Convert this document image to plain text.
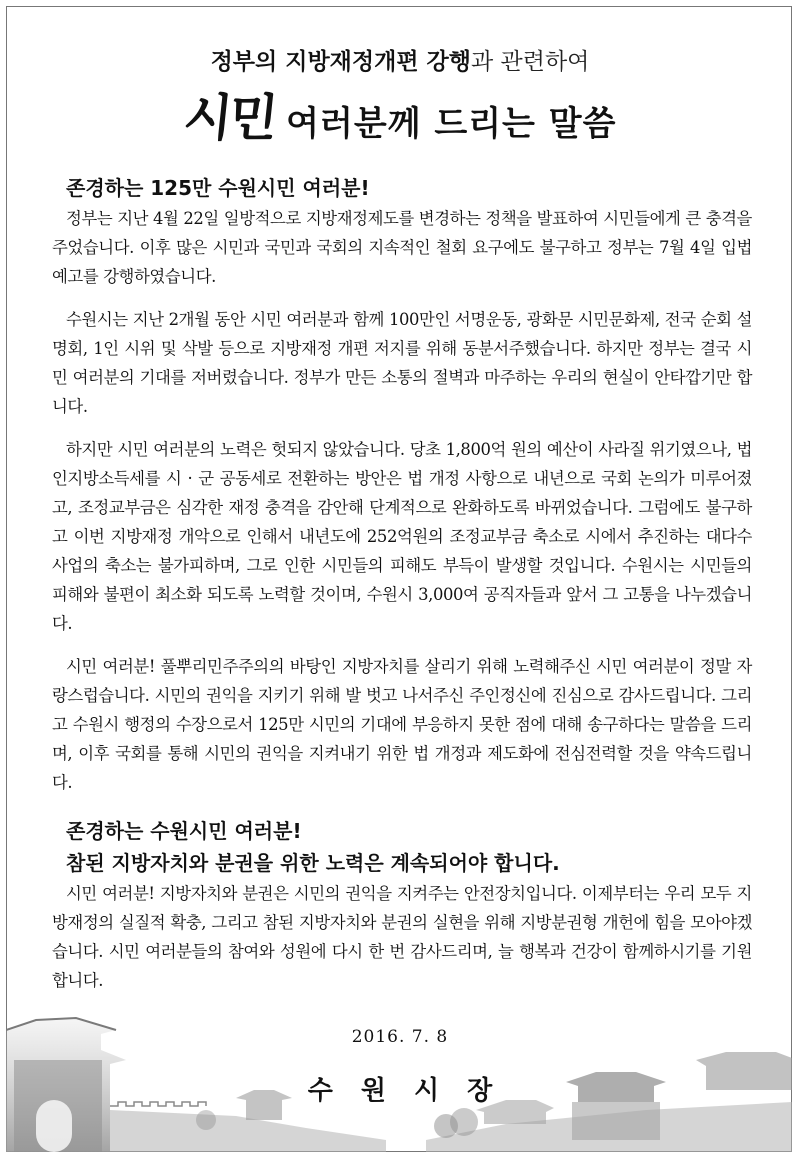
정부의 지방재정개편 강행과 관련하여
시민 여러분께 드리는 말씀
존경하는 125만 수원시민 여러분!

정부는 지난 4월 22일 일방적으로 지방재정제도를 변경하는 정책을 발표하여 시민들에게 큰 충격을 주었습니다. 이후 많은 시민과 국민과 국회의 지속적인 철회 요구에도 불구하고 정부는 7월 4일 입법예고를 강행하였습니다.

수원시는 지난 2개월 동안 시민 여러분과 함께 100만인 서명운동, 광화문 시민문화제, 전국 순회 설명회, 1인 시위 및 삭발 등으로 지방재정 개편 저지를 위해 동분서주했습니다. 하지만 정부는 결국 시민 여러분의 기대를 저버렸습니다. 정부가 만든 소통의 절벽과 마주하는 우리의 현실이 안타깝기만 합니다.

하지만 시민 여러분의 노력은 헛되지 않았습니다. 당초 1,800억 원의 예산이 사라질 위기였으나, 법인지방소득세를 시 · 군 공동세로 전환하는 방안은 법 개정 사항으로 내년으로 국회 논의가 미루어졌고, 조정교부금은 심각한 재정 충격을 감안해 단계적으로 완화하도록 바뀌었습니다. 그럼에도 불구하고 이번 지방재정 개악으로 인해서 내년도에 252억원의 조정교부금 축소로 시에서 추진하는 대다수 사업의 축소는 불가피하며, 그로 인한 시민들의 피해도 부득이 발생할 것입니다. 수원시는 시민들의 피해와 불편이 최소화 되도록 노력할 것이며, 수원시 3,000여 공직자들과 앞서 그 고통을 나누겠습니다.

시민 여러분! 풀뿌리민주주의의 바탕인 지방자치를 살리기 위해 노력해주신 시민 여러분이 정말 자랑스럽습니다. 시민의 권익을 지키기 위해 발 벗고 나서주신 주인정신에 진심으로 감사드립니다. 그리고 수원시 행정의 수장으로서 125만 시민의 기대에 부응하지 못한 점에 대해 송구하다는 말씀을 드리며, 이후 국회를 통해 시민의 권익을 지켜내기 위한 법 개정과 제도화에 전심전력할 것을 약속드립니다.

존경하는 수원시민 여러분!
참된 지방자치와 분권을 위한 노력은 계속되어야 합니다.

시민 여러분! 지방자치와 분권은 시민의 권익을 지켜주는 안전장치입니다. 이제부터는 우리 모두 지방재정의 실질적 확충, 그리고 참된 지방자치와 분권의 실현을 위해 지방분권형 개헌에 힘을 모아야겠습니다. 시민 여러분들의 참여와 성원에 다시 한 번 감사드리며, 늘 행복과 건강이 함께하시기를 기원합니다.

2016. 7. 8
수원시장
